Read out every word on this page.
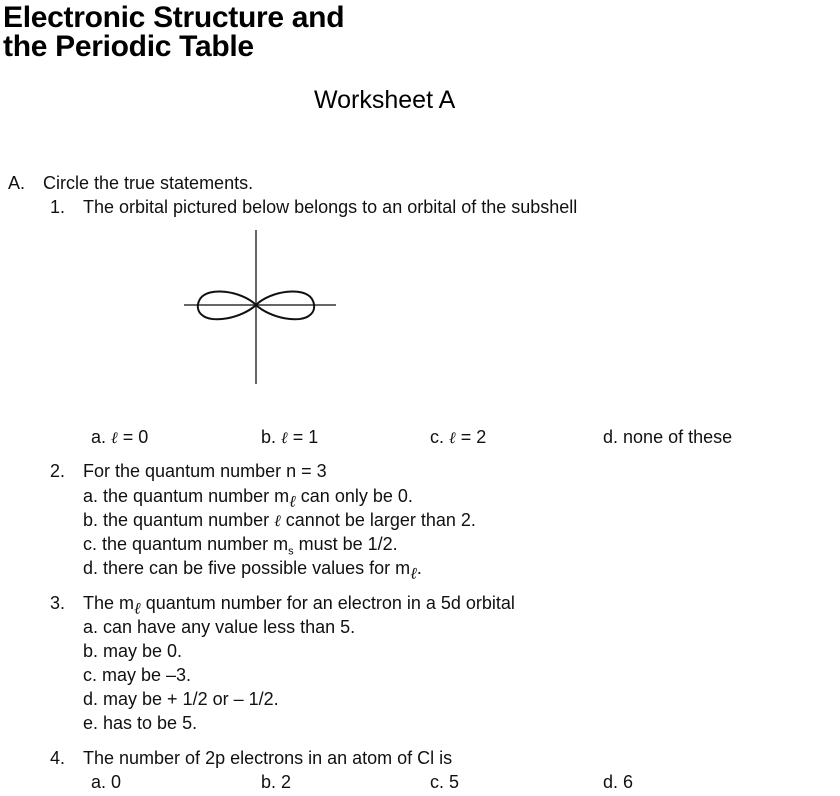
Electronic Structure and
the Periodic Table
Worksheet A
A. Circle the true statements.
1. The orbital pictured below belongs to an orbital of the subshell
a. ℓ = 0	b. ℓ = 1	c. ℓ = 2	d. none of these
2. For the quantum number n = 3
a. the quantum number $m_\ell$ can only be 0.
b. the quantum number ℓ cannot be larger than 2.
c. the quantum number $m_s$ must be 1/2.
d. there can be five possible values for $m_\ell$.
3. The $m_\ell$ quantum number for an electron in a 5d orbital
a. can have any value less than 5.
b. may be 0.
c. may be –3.
d. may be + 1/2 or – 1/2.
e. has to be 5.
4. The number of 2p electrons in an atom of Cl is
a. 0	b. 2	c. 5	d. 6
